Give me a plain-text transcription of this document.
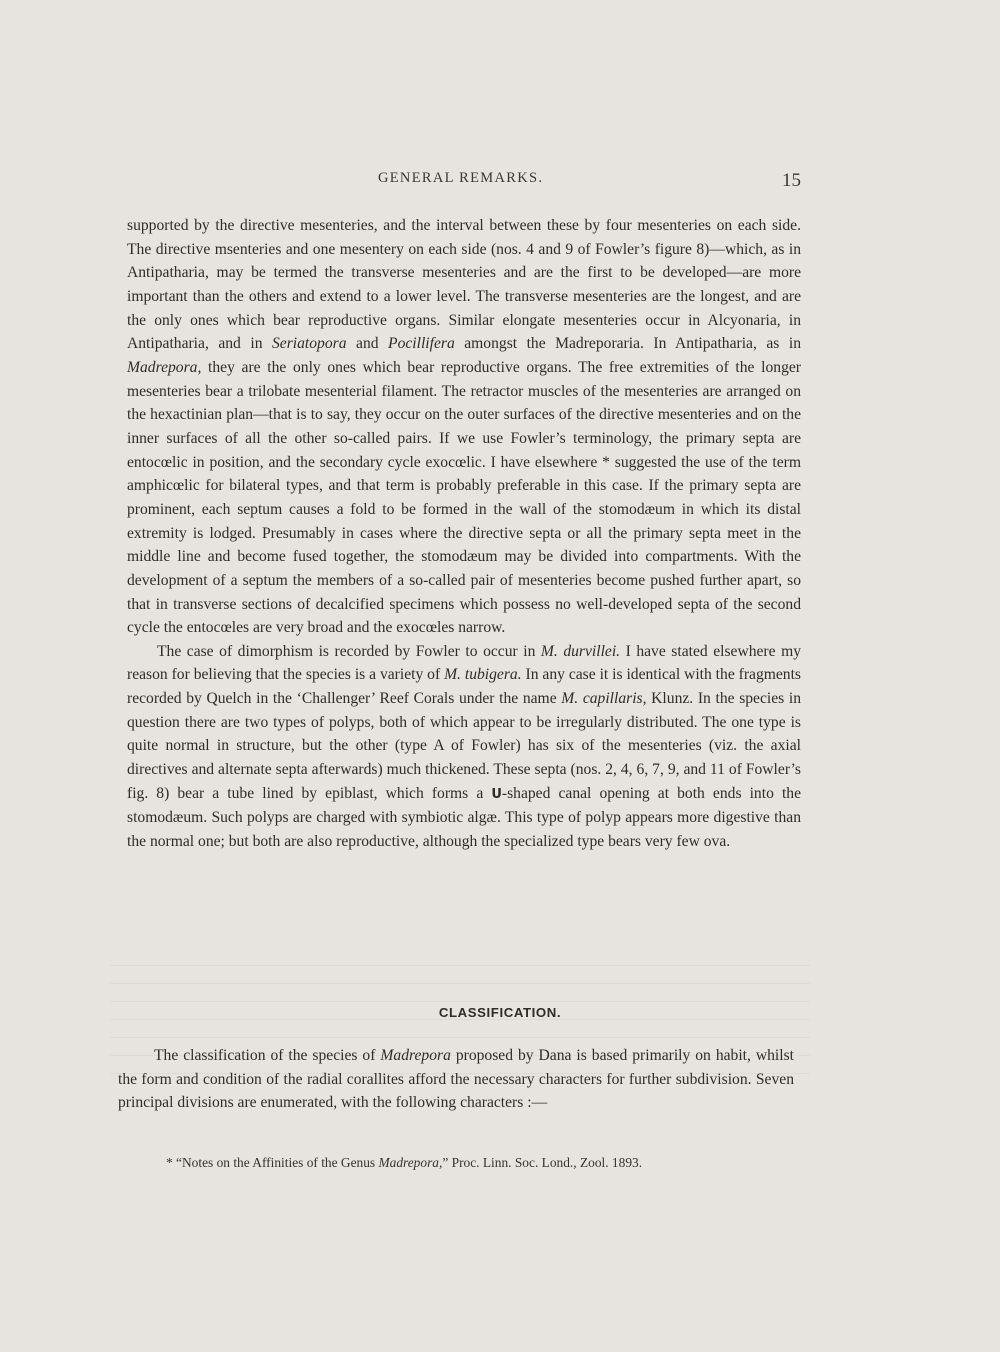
GENERAL REMARKS.	15

supported by the directive mesenteries, and the interval between these by four mesenteries on each side. The directive msenteries and one mesentery on each side (nos. 4 and 9 of Fowler’s figure 8)—which, as in Antipatharia, may be termed the transverse mesenteries and are the first to be developed—are more important than the others and extend to a lower level. The transverse mesenteries are the longest, and are the only ones which bear reproductive organs. Similar elongate mesenteries occur in Alcyonaria, in Antipatharia, and in Seriatopora and Pocillifera amongst the Madreporaria. In Antipatharia, as in Madrepora, they are the only ones which bear reproductive organs. The free extremities of the longer mesenteries bear a trilobate mesenterial filament. The retractor muscles of the mesenteries are arranged on the hexactinian plan—that is to say, they occur on the outer surfaces of the directive mesenteries and on the inner surfaces of all the other so-called pairs. If we use Fowler’s terminology, the primary septa are entocœlic in position, and the secondary cycle exocœlic. I have elsewhere * suggested the use of the term amphicœlic for bilateral types, and that term is probably preferable in this case. If the primary septa are prominent, each septum causes a fold to be formed in the wall of the stomodæum in which its distal extremity is lodged. Presumably in cases where the directive septa or all the primary septa meet in the middle line and become fused together, the stomodæum may be divided into compartments. With the development of a septum the members of a so-called pair of mesenteries become pushed further apart, so that in transverse sections of decalcified specimens which possess no well-developed septa of the second cycle the entocœles are very broad and the exocœles narrow.

The case of dimorphism is recorded by Fowler to occur in M. durvillei. I have stated elsewhere my reason for believing that the species is a variety of M. tubigera. In any case it is identical with the fragments recorded by Quelch in the ‘Challenger’ Reef Corals under the name M. capillaris, Klunz. In the species in question there are two types of polyps, both of which appear to be irregularly distributed. The one type is quite normal in structure, but the other (type A of Fowler) has six of the mesenteries (viz. the axial directives and alternate septa afterwards) much thickened. These septa (nos. 2, 4, 6, 7, 9, and 11 of Fowler’s fig. 8) bear a tube lined by epiblast, which forms a U-shaped canal opening at both ends into the stomodæum. Such polyps are charged with symbiotic algæ. This type of polyp appears more digestive than the normal one; but both are also reproductive, although the specialized type bears very few ova.

CLASSIFICATION.

The classification of the species of Madrepora proposed by Dana is based primarily on habit, whilst the form and condition of the radial corallites afford the necessary characters for further subdivision. Seven principal divisions are enumerated, with the following characters :—

* “Notes on the Affinities of the Genus Madrepora,” Proc. Linn. Soc. Lond., Zool. 1893.
